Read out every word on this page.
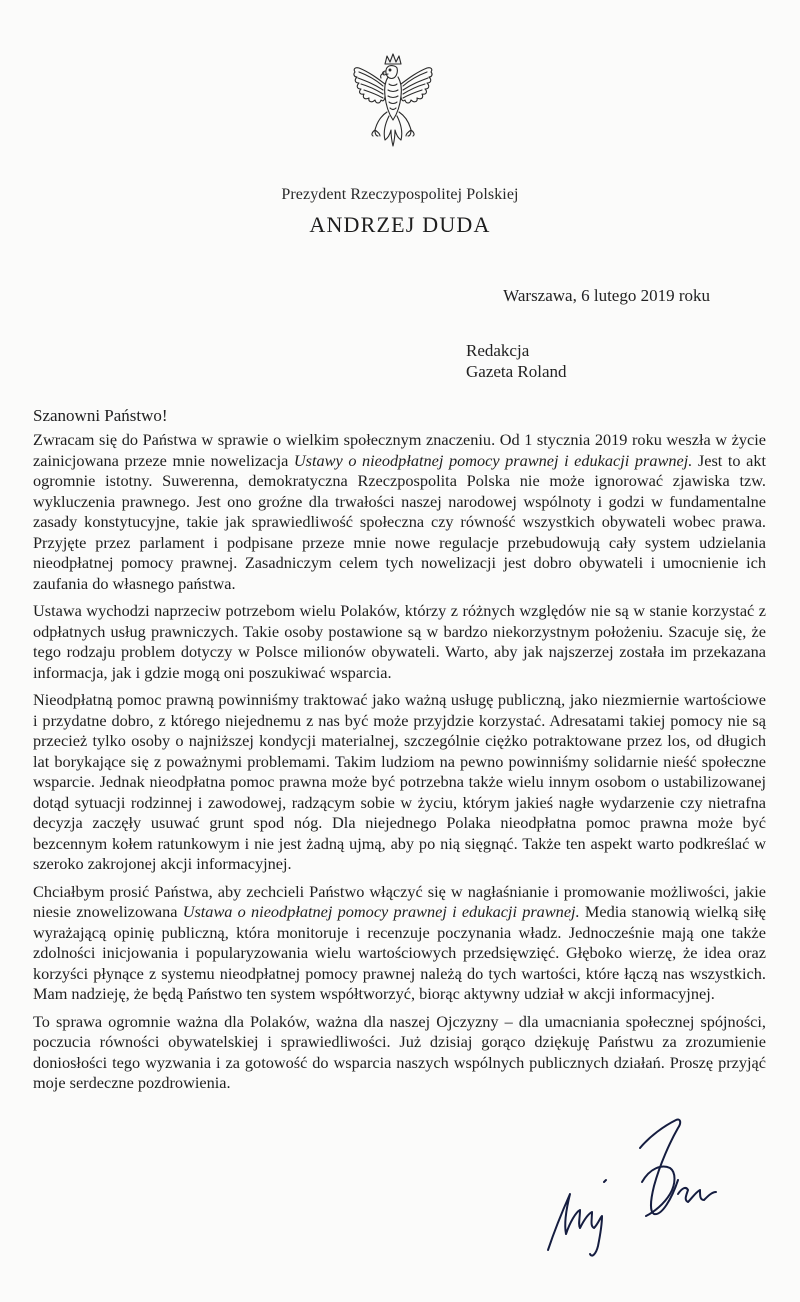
Prezydent Rzeczypospolitej Polskiej
ANDRZEJ DUDA
Warszawa, 6 lutego 2019 roku
Redakcja
Gazeta Roland
Szanowni Państwo!

Zwracam się do Państwa w sprawie o wielkim społecznym znaczeniu. Od 1 stycznia 2019 roku weszła w życie zainicjowana przeze mnie nowelizacja Ustawy o nieodpłatnej pomocy prawnej i edukacji prawnej. Jest to akt ogromnie istotny. Suwerenna, demokratyczna Rzeczpospolita Polska nie może ignorować zjawiska tzw. wykluczenia prawnego. Jest ono groźne dla trwałości naszej narodowej wspólnoty i godzi w fundamentalne zasady konstytucyjne, takie jak sprawiedliwość społeczna czy równość wszystkich obywateli wobec prawa. Przyjęte przez parlament i podpisane przeze mnie nowe regulacje przebudowują cały system udzielania nieodpłatnej pomocy prawnej. Zasadniczym celem tych nowelizacji jest dobro obywateli i umocnienie ich zaufania do własnego państwa.

Ustawa wychodzi naprzeciw potrzebom wielu Polaków, którzy z różnych względów nie są w stanie korzystać z odpłatnych usług prawniczych. Takie osoby postawione są w bardzo niekorzystnym położeniu. Szacuje się, że tego rodzaju problem dotyczy w Polsce milionów obywateli. Warto, aby jak najszerzej została im przekazana informacja, jak i gdzie mogą oni poszukiwać wsparcia.

Nieodpłatną pomoc prawną powinniśmy traktować jako ważną usługę publiczną, jako niezmiernie wartościowe i przydatne dobro, z którego niejednemu z nas być może przyjdzie korzystać. Adresatami takiej pomocy nie są przecież tylko osoby o najniższej kondycji materialnej, szczególnie ciężko potraktowane przez los, od długich lat borykające się z poważnymi problemami. Takim ludziom na pewno powinniśmy solidarnie nieść społeczne wsparcie. Jednak nieodpłatna pomoc prawna może być potrzebna także wielu innym osobom o ustabilizowanej dotąd sytuacji rodzinnej i zawodowej, radzącym sobie w życiu, którym jakieś nagłe wydarzenie czy nietrafna decyzja zaczęły usuwać grunt spod nóg. Dla niejednego Polaka nieodpłatna pomoc prawna może być bezcennym kołem ratunkowym i nie jest żadną ujmą, aby po nią sięgnąć. Także ten aspekt warto podkreślać w szeroko zakrojonej akcji informacyjnej.

Chciałbym prosić Państwa, aby zechcieli Państwo włączyć się w nagłaśnianie i promowanie możliwości, jakie niesie znowelizowana Ustawa o nieodpłatnej pomocy prawnej i edukacji prawnej. Media stanowią wielką siłę wyrażającą opinię publiczną, która monitoruje i recenzuje poczynania władz. Jednocześnie mają one także zdolności inicjowania i popularyzowania wielu wartościowych przedsięwzięć. Głęboko wierzę, że idea oraz korzyści płynące z systemu nieodpłatnej pomocy prawnej należą do tych wartości, które łączą nas wszystkich. Mam nadzieję, że będą Państwo ten system współtworzyć, biorąc aktywny udział w akcji informacyjnej.

To sprawa ogromnie ważna dla Polaków, ważna dla naszej Ojczyzny – dla umacniania społecznej spójności, poczucia równości obywatelskiej i sprawiedliwości. Już dzisiaj gorąco dziękuję Państwu za zrozumienie doniosłości tego wyzwania i za gotowość do wsparcia naszych wspólnych publicznych działań. Proszę przyjąć moje serdeczne pozdrowienia.
